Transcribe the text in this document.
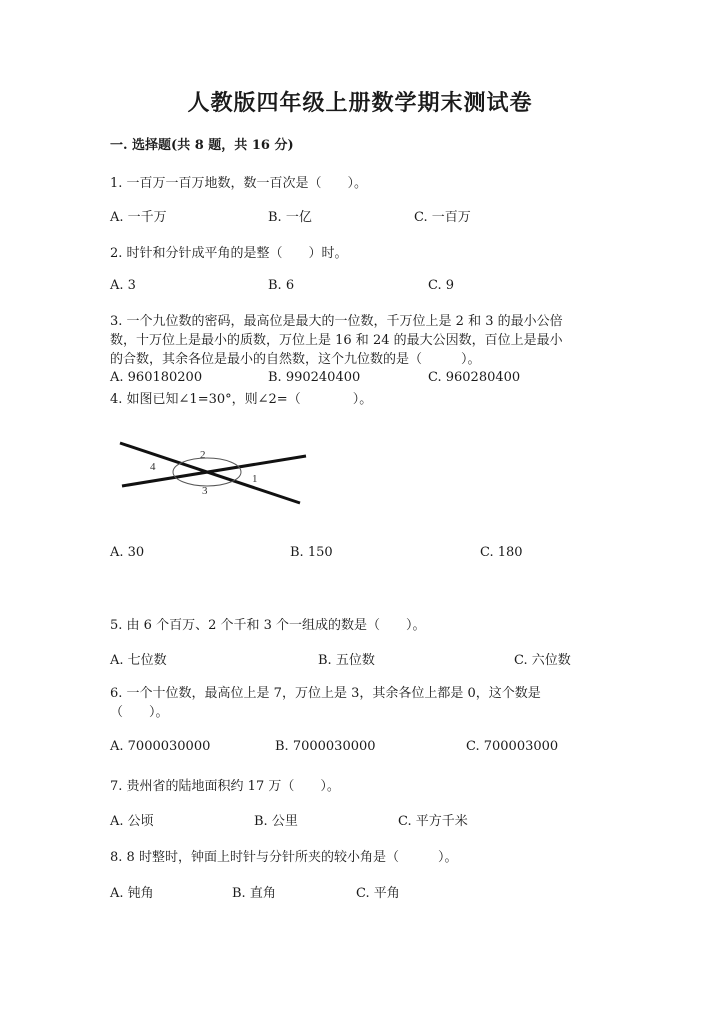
人教版四年级上册数学期末测试卷
一. 选择题(共 8 题，共 16 分)
1. 一百万一百万地数，数一百次是（　　）。
A. 一千万	B. 一亿	C. 一百万
2. 时针和分针成平角的是整（　　）时。
A. 3	B. 6	C. 9
3. 一个九位数的密码，最高位是最大的一位数，千万位上是 2 和 3 的最小公倍
数，十万位上是最小的质数，万位上是 16 和 24 的最大公因数，百位上是最小
的合数，其余各位是最小的自然数，这个九位数的是（　　　）。
A. 960180200	B. 990240400	C. 960280400
4. 如图已知∠1=30°，则∠2=（　　　　）。
2
3
4
1
A. 30	B. 150	C. 180
5. 由 6 个百万、2 个千和 3 个一组成的数是（　　）。
A. 七位数	B. 五位数	C. 六位数
6. 一个十位数，最高位上是 7，万位上是 3，其余各位上都是 0，这个数是
（　　）。
A. 7000030000	B. 7000030000	C. 700003000
7. 贵州省的陆地面积约 17 万（　　）。
A. 公顷	B. 公里	C. 平方千米
8. 8 时整时，钟面上时针与分针所夹的较小角是（　　　）。
A. 钝角	B. 直角	C. 平角
